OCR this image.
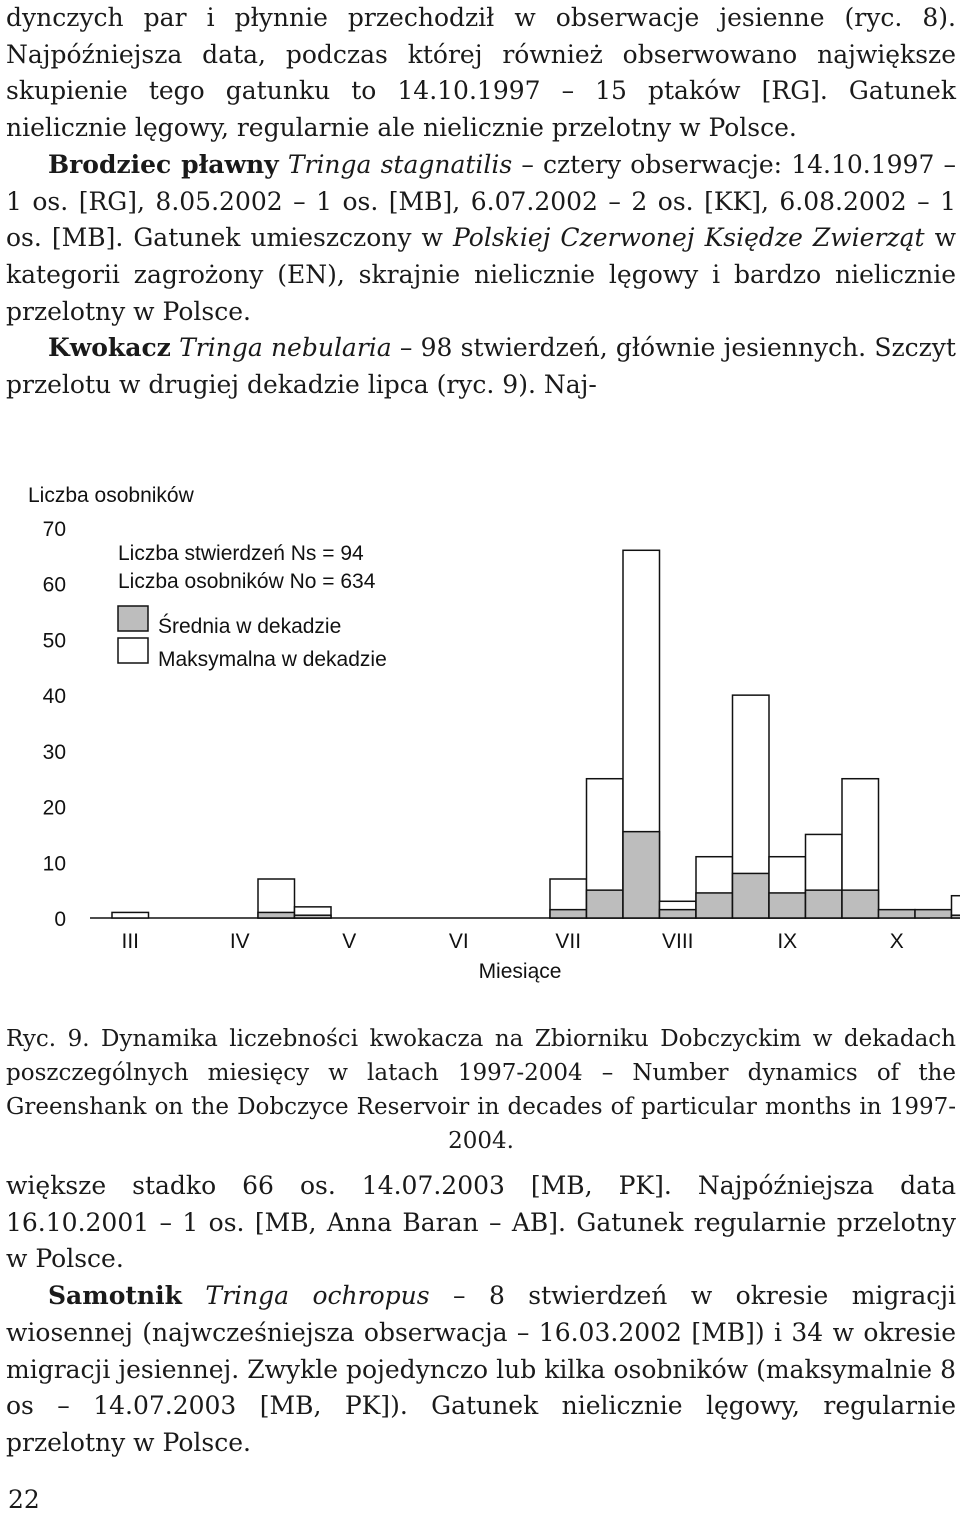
dynczych par i płynnie przechodził w obserwacje jesienne (ryc. 8). Najpóźniejsza data, podczas której również obserwowano największe skupienie tego gatunku to 14.10.1997 – 15 ptaków [RG]. Gatunek nielicznie lęgowy, regularnie ale nielicznie przelotny w Polsce.
Brodziec pławny Tringa stagnatilis – cztery obserwacje: 14.10.1997 – 1 os. [RG], 8.05.2002 – 1 os. [MB], 6.07.2002 – 2 os. [KK], 6.08.2002 – 1 os. [MB]. Gatunek umieszczony w Polskiej Czerwonej Księdze Zwierząt w kategorii zagrożony (EN), skrajnie nielicznie lęgowy i bardzo nielicznie przelotny w Polsce.
Kwokacz Tringa nebularia – 98 stwierdzeń, głównie jesiennych. Szczyt przelotu w drugiej dekadzie lipca (ryc. 9). Naj-
Liczba osobników
0
10
20
30
40
50
60
70
III	IV	V	VI	VII	VIII	IX	X
Miesiące
Liczba stwierdzeń Ns = 94
Liczba osobników No = 634
Średnia w dekadzie
Maksymalna w dekadzie

Ryc. 9. Dynamika liczebności kwokacza na Zbiorniku Dobczyckim w dekadach poszczególnych miesięcy w latach 1997-2004 – Number dynamics of the Greenshank on the Dobczyce Reservoir in decades of particular months in 1997-2004.

większe stadko 66 os. 14.07.2003 [MB, PK]. Najpóźniejsza data 16.10.2001 – 1 os. [MB, Anna Baran – AB]. Gatunek regularnie przelotny w Polsce.
Samotnik Tringa ochropus – 8 stwierdzeń w okresie migracji wiosennej (najwcześniejsza obserwacja – 16.03.2002 [MB]) i 34 w okresie migracji jesiennej. Zwykle pojedynczo lub kilka osobników (maksymalnie 8 os – 14.07.2003 [MB, PK]). Gatunek nielicznie lęgowy, regularnie przelotny w Polsce.
22
